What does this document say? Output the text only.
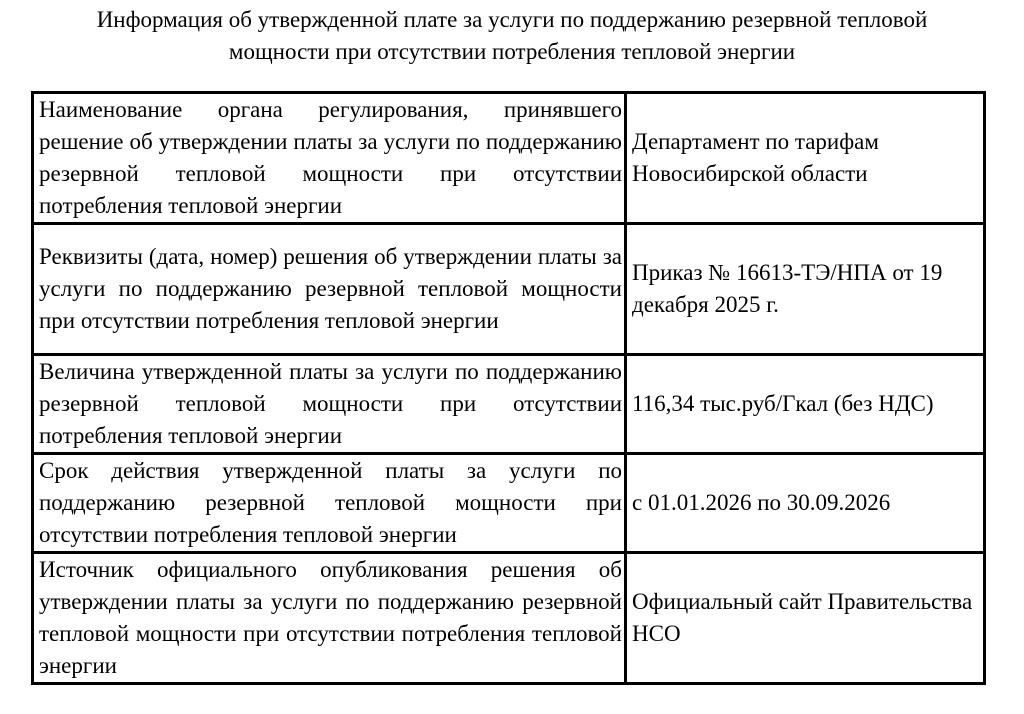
Информация об утвержденной плате за услуги по поддержанию резервной тепловой
мощности при отсутствии потребления тепловой энергии
Наименование органа регулирования, принявшего решение об утверждении платы за услуги по поддержанию резервной тепловой мощности при отсутствии потребления тепловой энергии	Департамент по тарифам Новосибирской области
Реквизиты (дата, номер) решения об утверждении платы за услуги по поддержанию резервной тепловой мощности при отсутствии потребления тепловой энергии	Приказ № 16613-ТЭ/НПА от 19 декабря 2025 г.
Величина утвержденной платы за услуги по поддержанию резервной тепловой мощности при отсутствии потребления тепловой энергии	116,34 тыс.руб/Гкал (без НДС)
Срок действия утвержденной платы за услуги по поддержанию резервной тепловой мощности при отсутствии потребления тепловой энергии	с 01.01.2026 по 30.09.2026
Источник официального опубликования решения об утверждении платы за услуги по поддержанию резервной тепловой мощности при отсутствии потребления тепловой энергии	Официальный сайт Правительства НСО
